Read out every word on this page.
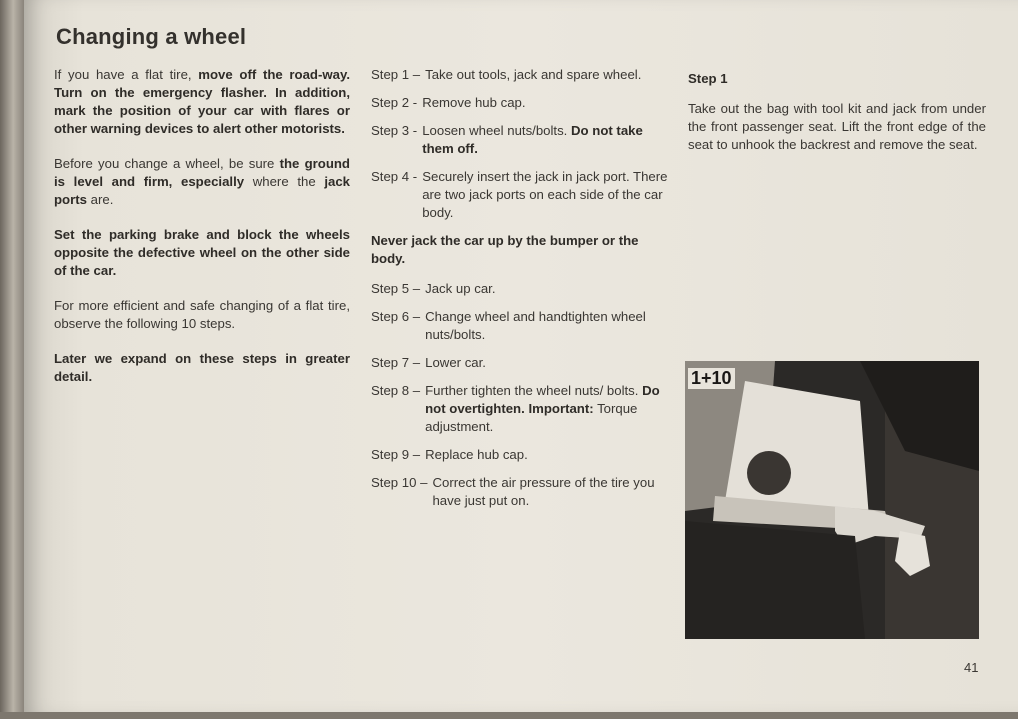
Changing a wheel

If you have a flat tire, move off the road-way. Turn on the emergency flasher. In addition, mark the position of your car with flares or other warning devices to alert other motorists.

Before you change a wheel, be sure the ground is level and firm, especially where the jack ports are.

Set the parking brake and block the wheels opposite the defective wheel on the other side of the car.

For more efficient and safe changing of a flat tire, observe the following 10 steps.

Later we expand on these steps in greater detail.

Step 1 – Take out tools, jack and spare wheel.
Step 2 - Remove hub cap.
Step 3 - Loosen wheel nuts/bolts. Do not take them off.
Step 4 - Securely insert the jack in jack port. There are two jack ports on each side of the car body.

Never jack the car up by the bumper or the body.

Step 5 – Jack up car.
Step 6 – Change wheel and handtighten wheel nuts/bolts.
Step 7 – Lower car.
Step 8 – Further tighten the wheel nuts/ bolts. Do not overtighten. Important: Torque adjustment.
Step 9 – Replace hub cap.
Step 10 – Correct the air pressure of the tire you have just put on.
Step 1

Take out the bag with tool kit and jack from under the front passenger seat. Lift the front edge of the seat to unhook the backrest and remove the seat.

1+10
41
